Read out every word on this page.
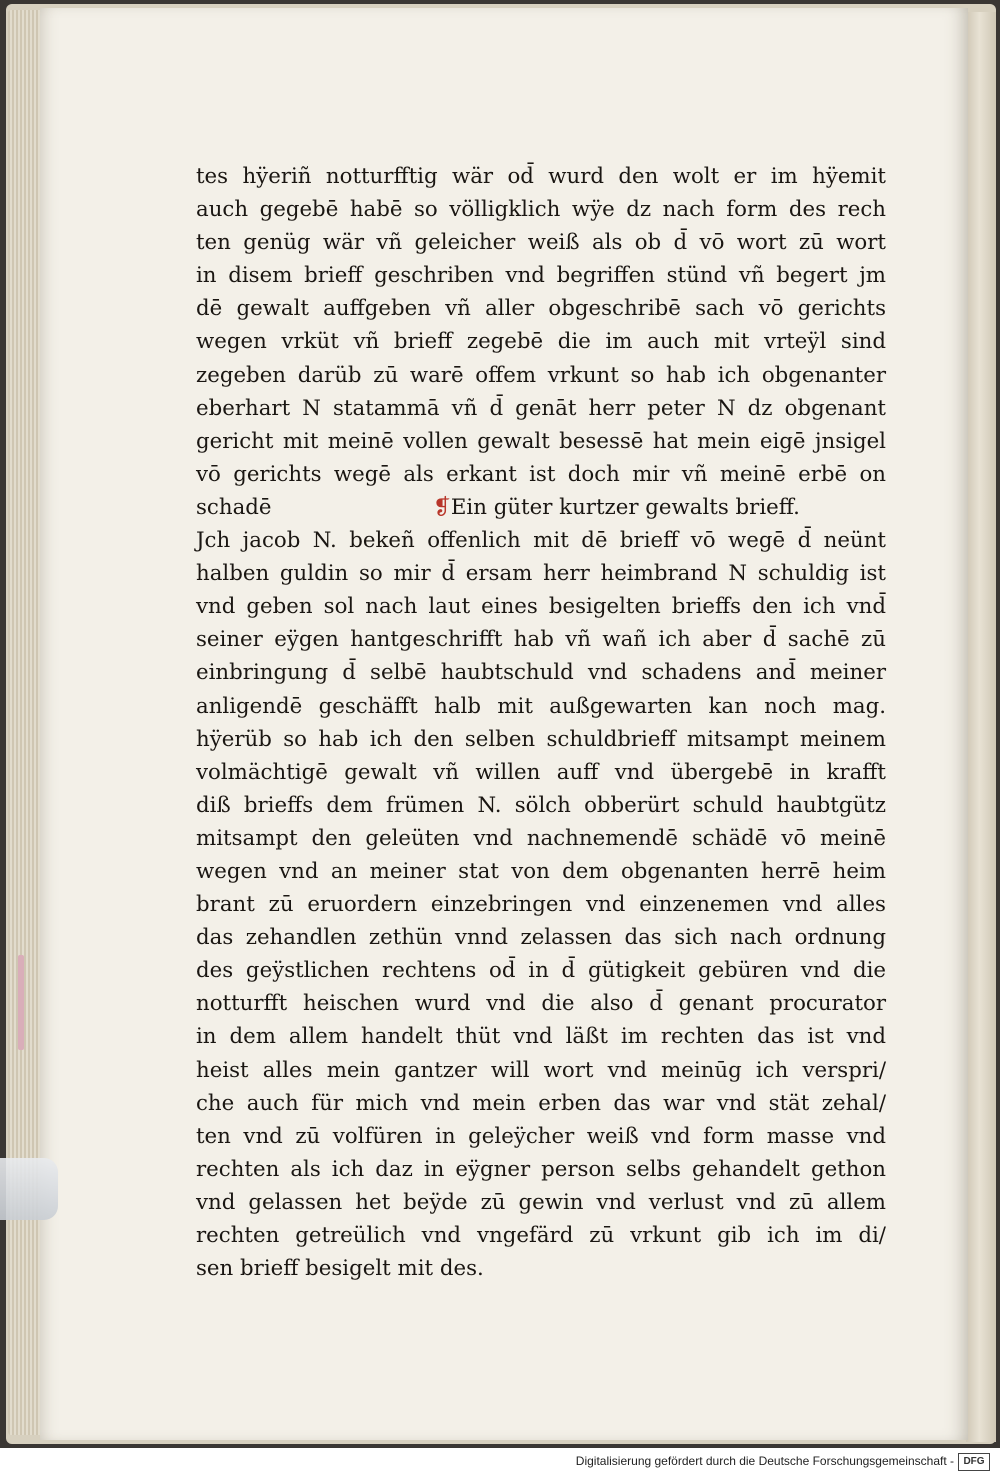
tes hÿeriñ notturfftig wär od̄ wurd den wolt er im hÿemit
auch gegebē habē so völligklich wÿe dz nach form des rech
ten genüg wär vñ geleicher weiß als ob d̄ vō wort zū wort
in disem brieff geschriben vnd begriffen stünd vñ begert jm
dē gewalt auffgeben vñ aller obgeschribē sach vō gerichts
wegen vrküt vñ brieff zegebē die im auch mit vrteÿl sind
zegeben darüb zū warē offem vrkunt so hab ich obgenanter
eberhart N statammā vñ d̄ genāt herr peter N dz obgenant
gericht mit meinē vollen gewalt besessē hat mein eigē jnsigel
vō gerichts wegē als erkant ist doch mir vñ meinē erbē on
schadē	❡Ein güter kurtzer gewalts brieff.
Jch jacob N. bekeñ offenlich mit dē brieff vō wegē d̄ neünt
halben guldin so mir d̄ ersam herr heimbrand N schuldig ist
vnd geben sol nach laut eines besigelten brieffs den ich vnd̄
seiner eÿgen hantgeschrifft hab vñ wañ ich aber d̄ sachē zū
einbringung d̄ selbē haubtschuld vnd schadens and̄ meiner
anligendē geschäfft halb mit außgewarten kan noch mag.
hÿerüb so hab ich den selben schuldbrieff mitsampt meinem
volmächtigē gewalt vñ willen auff vnd übergebē in krafft
diß brieffs dem frümen N. sölch obberürt schuld haubtgütz
mitsampt den geleüten vnd nachnemendē schädē vō meinē
wegen vnd an meiner stat von dem obgenanten herrē heim
brant zū eruordern einzebringen vnd einzenemen vnd alles
das zehandlen zethün vnnd zelassen das sich nach ordnung
des geÿstlichen rechtens od̄ in d̄ gütigkeit gebüren vnd die
notturfft heischen wurd vnd die also d̄ genant procurator
in dem allem handelt thüt vnd läßt im rechten das ist vnd
heist alles mein gantzer will wort vnd meinūg ich verspri/
che auch für mich vnd mein erben das war vnd stät zehal/
ten vnd zū volfüren in geleÿcher weiß vnd form masse vnd
rechten als ich daz in eÿgner person selbs gehandelt gethon
vnd gelassen het beÿde zū gewin vnd verlust vnd zū allem
rechten getreülich vnd vngefärd zū vrkunt gib ich im di/
sen brieff besigelt mit des.
Digitalisierung gefördert durch die Deutsche Forschungsgemeinschaft - DFG
